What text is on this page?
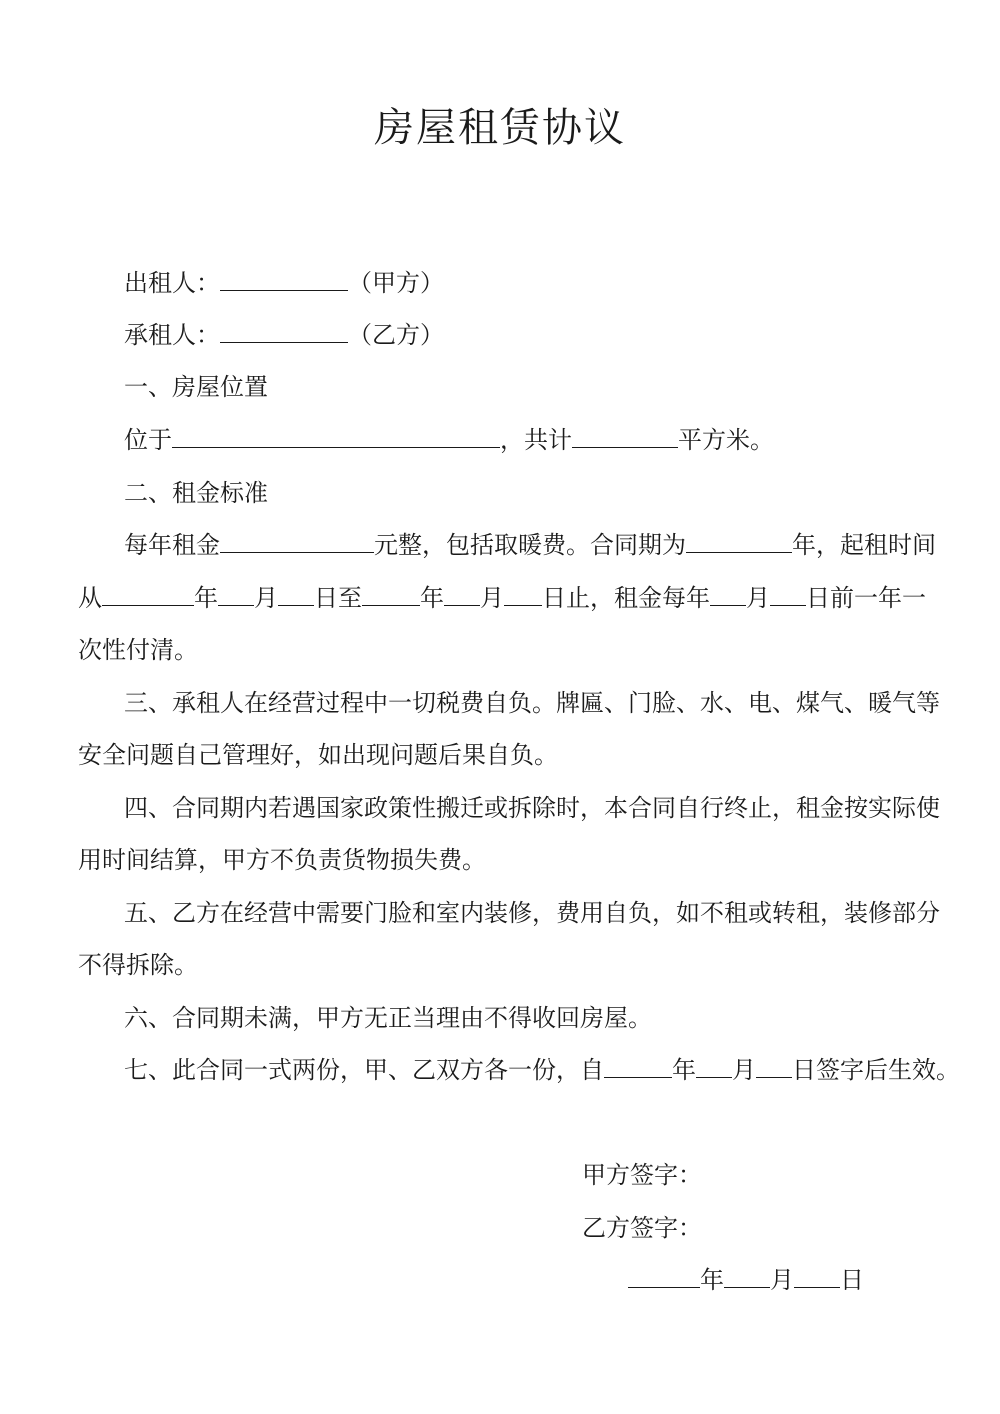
房屋租赁协议
出租人：	（甲方）
承租人：	（乙方）
一、房屋位置
位于	，共计	平方米。
二、租金标准
每年租金	元整，包括取暖费。合同期为	年，起租时间
从	年 月 日至 年 月 日止，租金每年 月 日前一年一
次性付清。
三、承租人在经营过程中一切税费自负。牌匾、门脸、水、电、煤气、暖气等
安全问题自己管理好，如出现问题后果自负。
四、合同期内若遇国家政策性搬迁或拆除时，本合同自行终止，租金按实际使
用时间结算，甲方不负责货物损失费。
五、乙方在经营中需要门脸和室内装修，费用自负，如不租或转租，装修部分
不得拆除。
六、合同期未满，甲方无正当理由不得收回房屋。
七、此合同一式两份，甲、乙双方各一份，自	年 月 日签字后生效。
甲方签字：
乙方签字：
年 月 日
